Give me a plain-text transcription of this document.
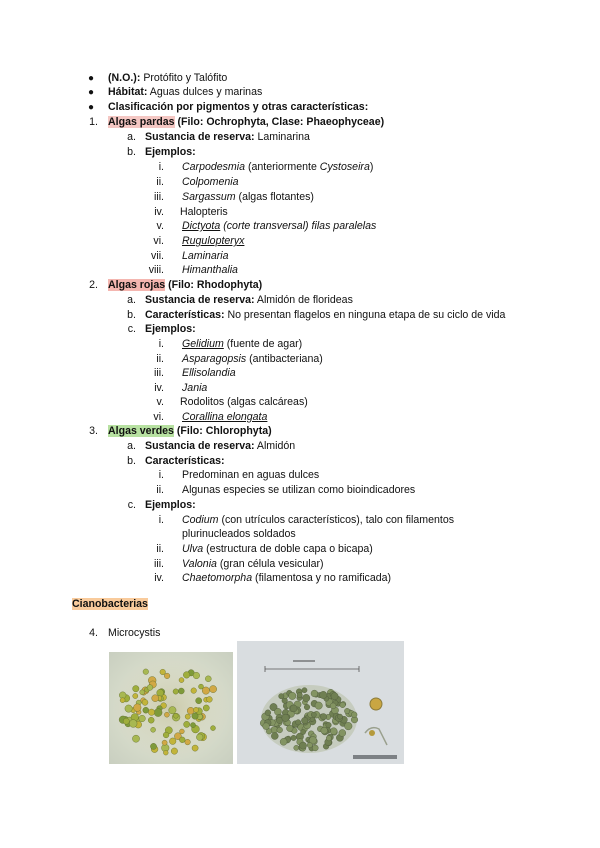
● (N.O.): Protófito y Talófito
● Hábitat: Aguas dulces y marinas
● Clasificación por pigmentos y otras características:
1. Algas pardas (Filo: Ochrophyta, Clase: Phaeophyceae)
a. Sustancia de reserva: Laminarina
b. Ejemplos:
i. Carpodesmia (anteriormente Cystoseira)
ii. Colpomenia
iii. Sargassum (algas flotantes)
iv. Halopteris
v. Dictyota (corte transversal) filas paralelas
vi. Rugulopteryx
vii. Laminaria
viii. Himanthalia
2. Algas rojas (Filo: Rhodophyta)
a. Sustancia de reserva: Almidón de florideas
b. Características: No presentan flagelos en ninguna etapa de su ciclo de vida
c. Ejemplos:
i. Gelidium (fuente de agar)
ii. Asparagopsis (antibacteriana)
iii. Ellisolandia
iv. Jania
v. Rodolitos (algas calcáreas)
vi. Corallina elongata
3. Algas verdes (Filo: Chlorophyta)
a. Sustancia de reserva: Almidón
b. Características:
i. Predominan en aguas dulces
ii. Algunas especies se utilizan como bioindicadores
c. Ejemplos:
i. Codium (con utrículos característicos), talo con filamentos
plurinucleados soldados
ii. Ulva (estructura de doble capa o bicapa)
iii. Valonia (gran célula vesicular)
iv. Chaetomorpha (filamentosa y no ramificada)
Cianobacterias
4. Microcystis
